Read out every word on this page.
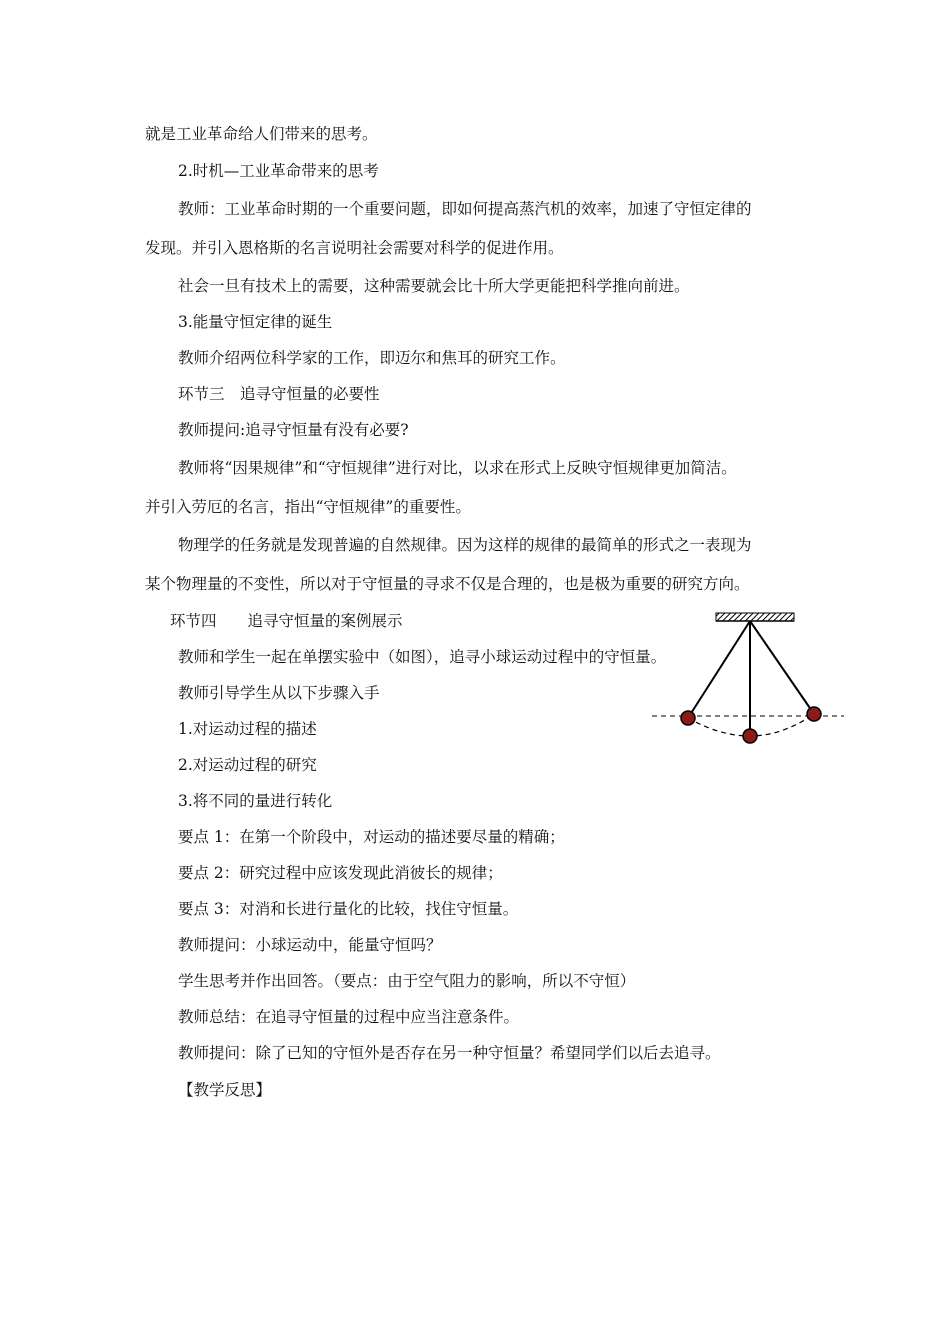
就是工业革命给人们带来的思考。
2.时机—工业革命带来的思考
教师：工业革命时期的一个重要问题，即如何提高蒸汽机的效率，加速了守恒定律的
发现。并引入恩格斯的名言说明社会需要对科学的促进作用。
社会一旦有技术上的需要，这种需要就会比十所大学更能把科学推向前进。
3.能量守恒定律的诞生
教师介绍两位科学家的工作，即迈尔和焦耳的研究工作。
环节三　追寻守恒量的必要性
教师提问:追寻守恒量有没有必要?
教师将“因果规律”和“守恒规律”进行对比，以求在形式上反映守恒规律更加简洁。
并引入劳厄的名言，指出“守恒规律”的重要性。
物理学的任务就是发现普遍的自然规律。因为这样的规律的最简单的形式之一表现为
某个物理量的不变性，所以对于守恒量的寻求不仅是合理的，也是极为重要的研究方向。
环节四　　追寻守恒量的案例展示
教师和学生一起在单摆实验中（如图），追寻小球运动过程中的守恒量。
教师引导学生从以下步骤入手
1.对运动过程的描述
2.对运动过程的研究
3.将不同的量进行转化
要点 1：在第一个阶段中，对运动的描述要尽量的精确；
要点 2：研究过程中应该发现此消彼长的规律；
要点 3：对消和长进行量化的比较，找住守恒量。
教师提问：小球运动中，能量守恒吗？
学生思考并作出回答。（要点：由于空气阻力的影响，所以不守恒）
教师总结：在追寻守恒量的过程中应当注意条件。
教师提问：除了已知的守恒外是否存在另一种守恒量？希望同学们以后去追寻。
【教学反思】
